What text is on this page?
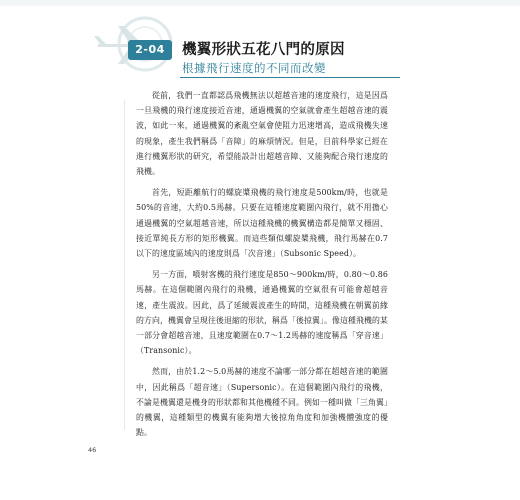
2-04	機翼形狀五花八門的原因
根據飛行速度的不同而改變

從前，我們一直都認爲飛機無法以超越音速的速度飛行，這是因爲一旦飛機的飛行速度接近音速，通過機翼的空氣就會產生超越音速的震波，如此一來，通過機翼的紊亂空氣會使阻力迅速增高，造成飛機失速的現象，產生我們稱爲「音障」的麻煩情況。但是，目前科學家已經在進行機翼形狀的研究，希望能設計出超越音障、又能夠配合飛行速度的飛機。

首先，短距離航行的螺旋槳飛機的飛行速度是500km/時，也就是50%的音速，大約0.5馬赫。只要在這種速度範圍內飛行，就不用擔心通過機翼的空氣超越音速，所以這種飛機的機翼構造都是簡單又穩固、接近單純長方形的矩形機翼。而這些類似螺旋槳飛機，飛行馬赫在0.7以下的速度區域內的速度則爲「次音速」（Subsonic Speed）。

另一方面，噴射客機的飛行速度是850～900km/時，0.80～0.86馬赫。在這個範圍內飛行的飛機，通過機翼的空氣很有可能會超越音速，產生震波。因此，爲了延緩震波產生的時間，這種飛機在朝翼前緣的方向，機翼會呈現往後退縮的形狀，稱爲「後掠翼」。像這種飛機的某一部分會超越音速，且速度範圍在0.7～1.2馬赫的速度稱爲「穿音速」（Transonic）。

然而，由於1.2～5.0馬赫的速度不論哪一部分都在超越音速的範圍中，因此稱爲「超音速」（Supersonic）。在這個範圍內飛行的飛機，不論是機翼還是機身的形狀都和其他機種不同。例如一種叫做「三角翼」的機翼，這種類型的機翼有能夠增大後掠角角度和加強機體強度的優點。

46
